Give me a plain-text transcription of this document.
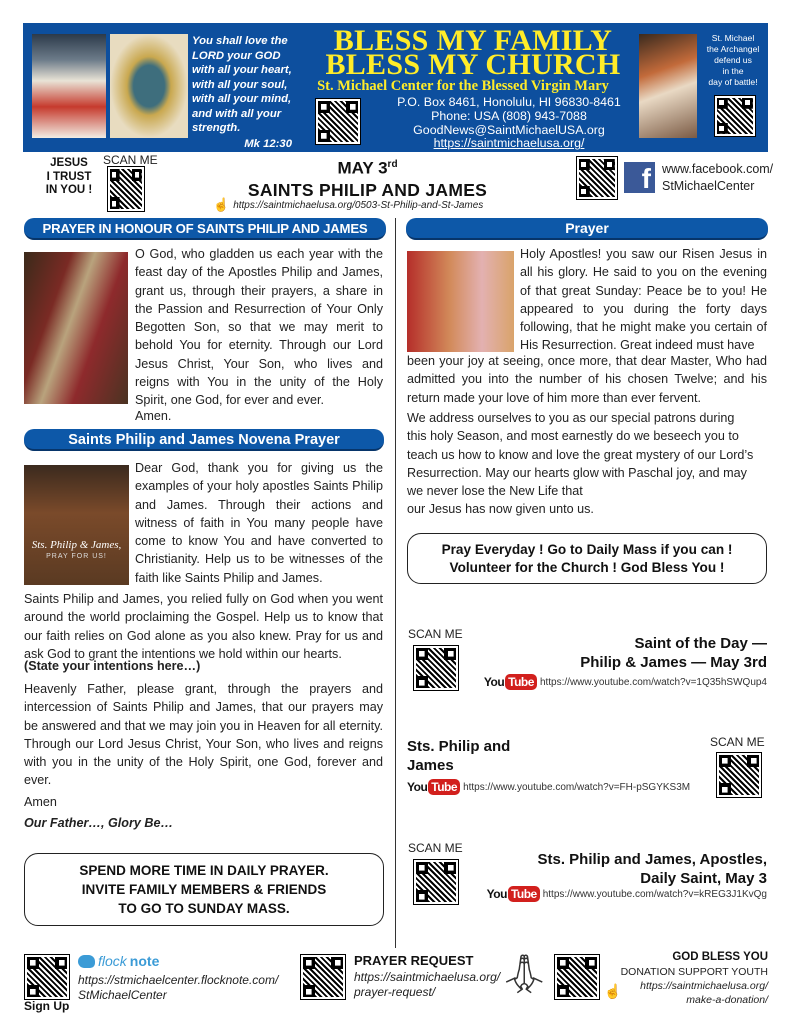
You shall love the
LORD your GOD
with all your heart,
with all your soul,
with all your mind,
and with all your
strength.
Mk 12:30
BLESS MY FAMILY
BLESS MY CHURCH
St. Michael Center for the Blessed Virgin Mary
P.O. Box 8461, Honolulu, HI 96830-8461
Phone: USA (808) 943-7088
GoodNews@SaintMichaelUSA.org
https://saintmichaelusa.org/
St. Michael
the Archangel
defend us
in the
day of battle!
JESUS
I TRUST
IN YOU !
SCAN ME	MAY 3rd
SAINTS PHILIP AND JAMES
☝ https://saintmichaelusa.org/0503-St-Philip-and-St-James
f www.facebook.com/
StMichaelCenter
PRAYER IN HONOUR OF SAINTS PHILIP AND JAMES	Prayer
O God, who gladden us each year with the feast day of the Apostles Philip and James, grant us, through their prayers, a share in the Passion and Resurrection of Your Only Begotten Son, so that we may merit to behold You for eternity. Through our Lord Jesus Christ, Your Son, who lives and reigns with You in the unity of the Holy Spirit, one God, for ever and ever.
Amen.
Saints Philip and James Novena Prayer
Sts. Philip & James,
PRAY FOR US!
Dear God, thank you for giving us the examples of your holy apostles Saints Philip and James. Through their actions and witness of faith in You many people have come to know You and have converted to Christianity. Help us to be witnesses of the faith like Saints Philip and James.
Saints Philip and James, you relied fully on God when you went around the world proclaiming the Gospel. Help us to know that our faith relies on God alone as you also knew. Pray for us and ask God to grant the intentions we hold within our hearts.
(State your intentions here…)
Heavenly Father, please grant, through the prayers and intercession of Saints Philip and James, that our prayers may be answered and that we may join you in Heaven for all eternity. Through our Lord Jesus Christ, Your Son, who lives and reigns with you in the unity of the Holy Spirit, one God, forever and ever.
Amen
Our Father…, Glory Be…
SPEND MORE TIME IN DAILY PRAYER.
INVITE FAMILY MEMBERS & FRIENDS
TO GO TO SUNDAY MASS.
Holy Apostles! you saw our Risen Jesus in all his glory. He said to you on the evening of that great Sunday: Peace be to you! He appeared to you during the forty days following, that he might make you certain of His Resurrection. Great indeed must have
been your joy at seeing, once more, that dear Master, Who had admitted you into the number of his chosen Twelve; and his return made your love of him more than ever fervent.
We address ourselves to you as our special patrons during
this holy Season, and most earnestly do we beseech you to
teach us how to know and love the great mystery of our Lord’s
Resurrection. May our hearts glow with Paschal joy, and may
we never lose the New Life that
our Jesus has now given unto us.
Pray Everyday ! Go to Daily Mass if you can !
Volunteer for the Church ! God Bless You !
SCAN ME
Saint of the Day —
Philip & James — May 3rd
You Tube https://www.youtube.com/watch?v=1Q35hSWQup4
Sts. Philip and
James
You Tube https://www.youtube.com/watch?v=FH-pSGYKS3M
SCAN ME
SCAN ME
Sts. Philip and James, Apostles,
Daily Saint, May 3
You Tube https://www.youtube.com/watch?v=kREG3J1KvQg
Sign Up
flock note
https://stmichaelcenter.flocknote.com/
StMichaelCenter
PRAYER REQUEST
https://saintmichaelusa.org/
prayer-request/	🙏︎	☝
GOD BLESS YOU
DONATION SUPPORT YOUTH
https://saintmichaelusa.org/
make-a-donation/
